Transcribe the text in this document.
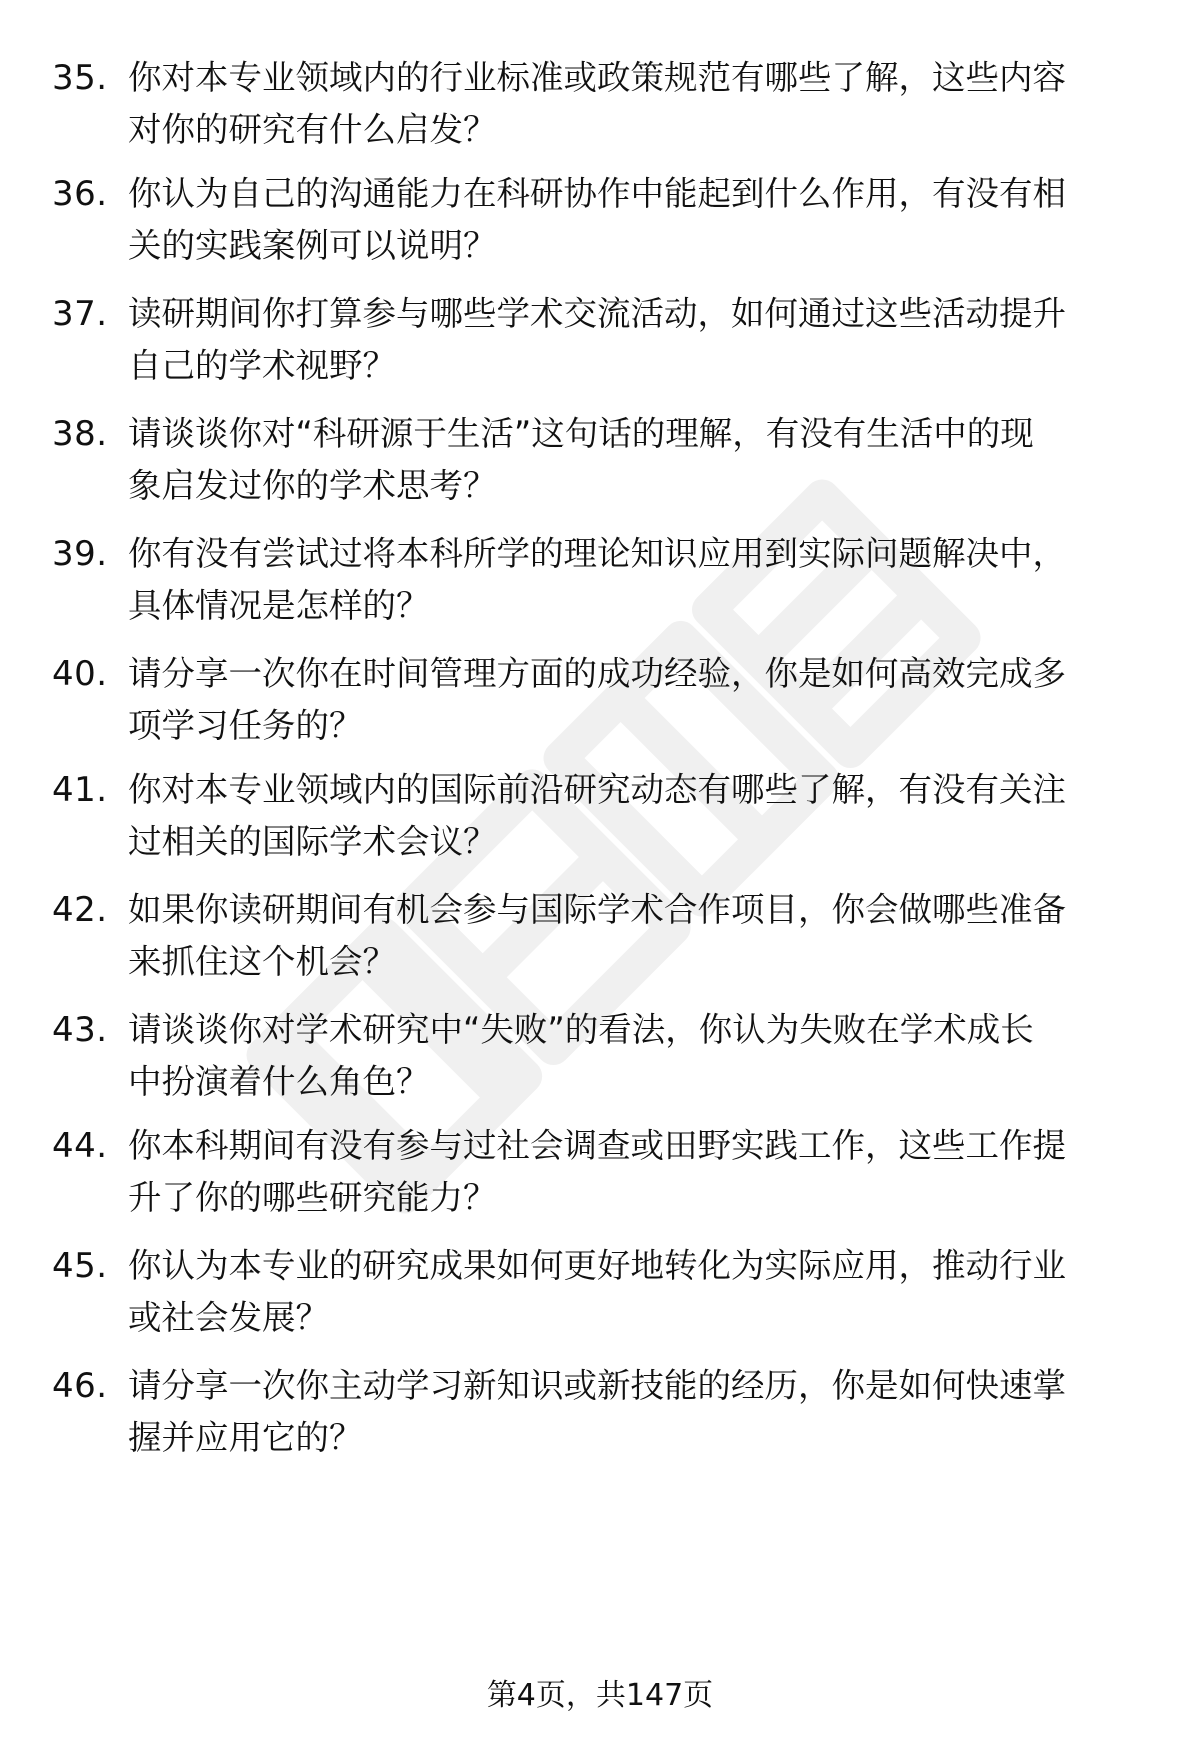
35. 你对本专业领域内的行业标准或政策规范有哪些了解，这些内容
对你的研究有什么启发？
36. 你认为自己的沟通能力在科研协作中能起到什么作用，有没有相
关的实践案例可以说明？
37. 读研期间你打算参与哪些学术交流活动，如何通过这些活动提升
自己的学术视野？
38. 请谈谈你对“科研源于生活”这句话的理解，有没有生活中的现
象启发过你的学术思考？
39. 你有没有尝试过将本科所学的理论知识应用到实际问题解决中，
具体情况是怎样的？
40. 请分享一次你在时间管理方面的成功经验，你是如何高效完成多
项学习任务的？
41. 你对本专业领域内的国际前沿研究动态有哪些了解，有没有关注
过相关的国际学术会议？
42. 如果你读研期间有机会参与国际学术合作项目，你会做哪些准备
来抓住这个机会？
43. 请谈谈你对学术研究中“失败”的看法，你认为失败在学术成长
中扮演着什么角色？
44. 你本科期间有没有参与过社会调查或田野实践工作，这些工作提
升了你的哪些研究能力？
45. 你认为本专业的研究成果如何更好地转化为实际应用，推动行业
或社会发展？
46. 请分享一次你主动学习新知识或新技能的经历，你是如何快速掌
握并应用它的？
第4页，共147页
